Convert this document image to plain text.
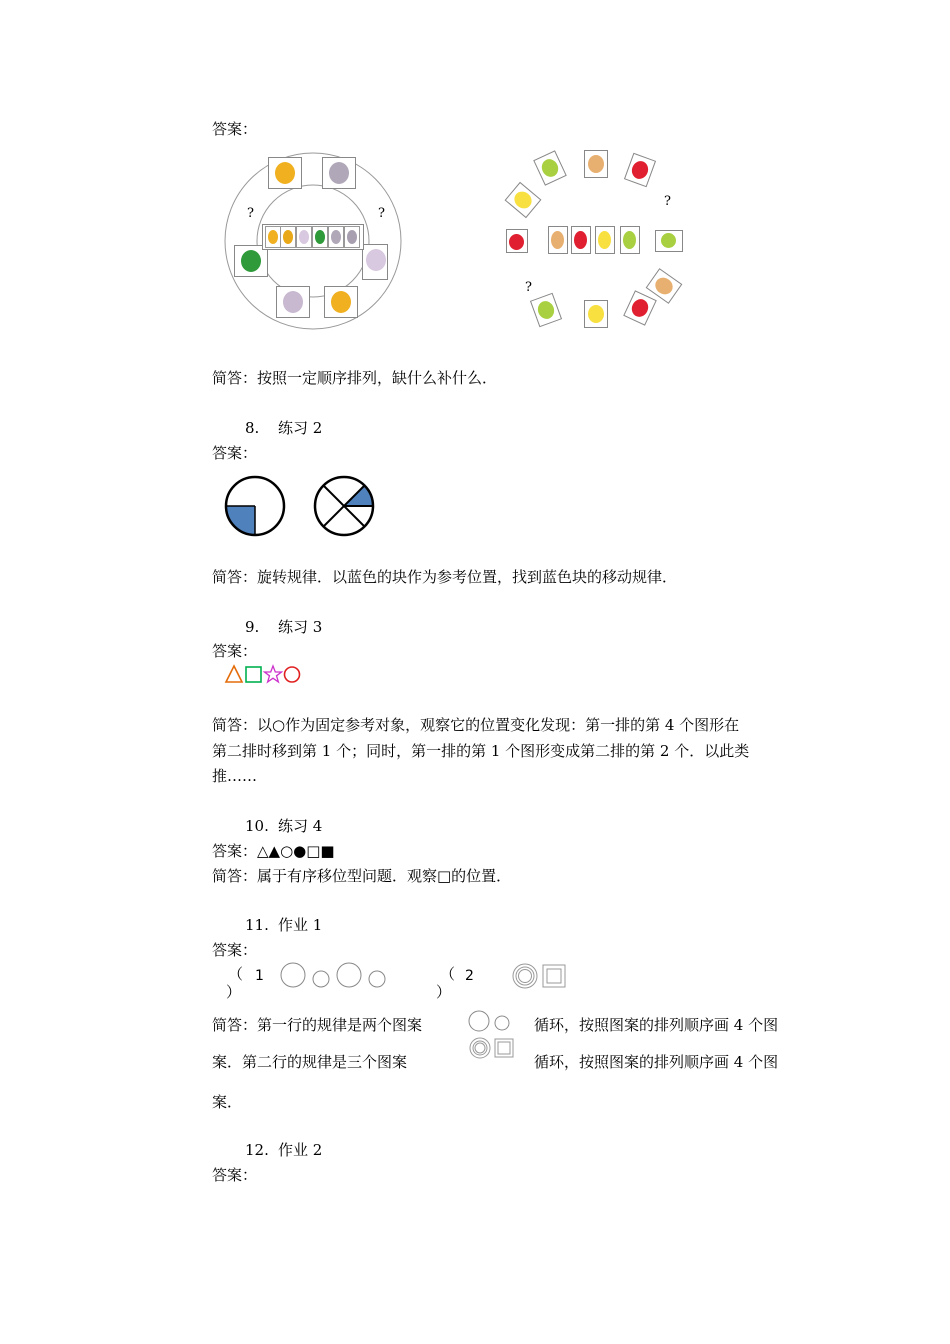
答案：
?	?
?
?
简答：按照一定顺序排列，缺什么补什么．
8. 练习 2
答案：
简答：旋转规律．以蓝色的块作为参考位置，找到蓝色块的移动规律．
9. 练习 3
答案：
简答：以○作为固定参考对象，观察它的位置变化发现：第一排的第 4 个图形在
第二排时移到第 1 个；同时，第一排的第 1 个图形变成第二排的第 2 个．以此类
推……
10. 练习 4
答案：△▲○●□■
简答：属于有序移位型问题．观察□的位置．
11. 作业 1
答案：
（ 1
）
（ 2
）
简答：第一行的规律是两个图案	循环，按照图案的排列顺序画 4 个图
案．第二行的规律是三个图案	循环，按照图案的排列顺序画 4 个图
案．
12. 作业 2
答案：
